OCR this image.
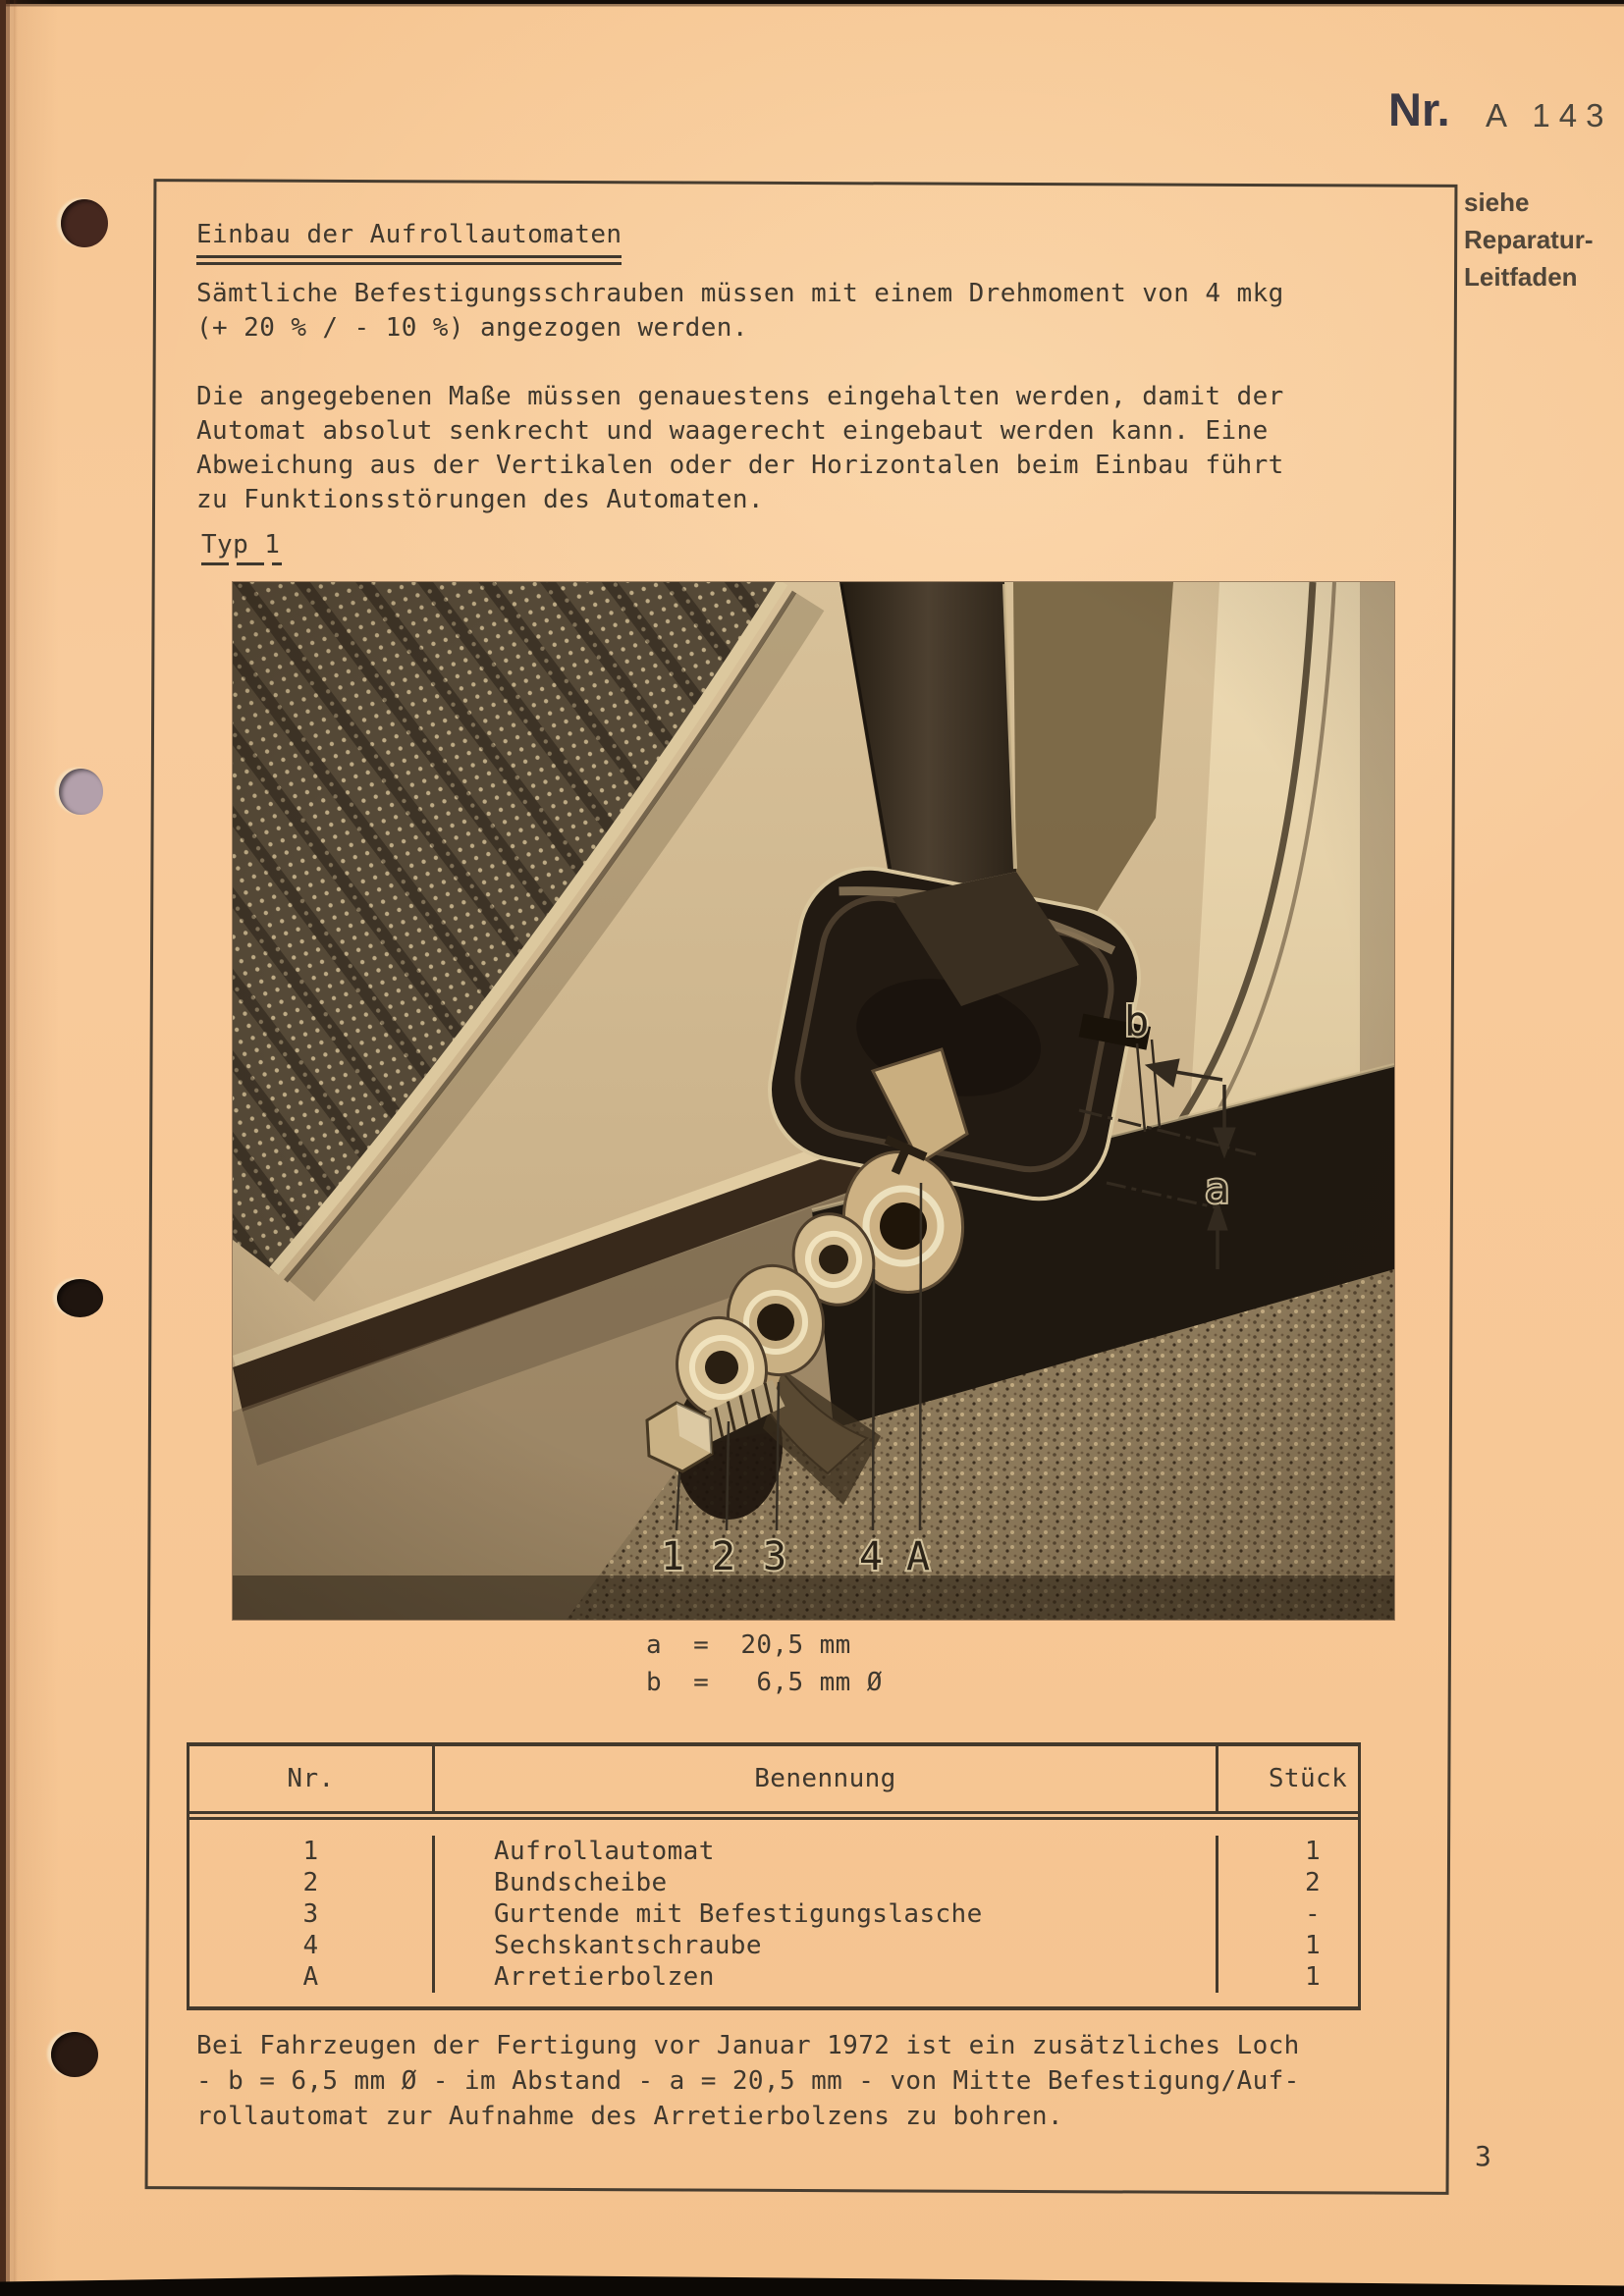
Nr. A 143
siehe
Reparatur-
Leitfaden
Einbau der Aufrollautomaten
Sämtliche Befestigungsschrauben müssen mit einem Drehmoment von 4 mkg
(+ 20 % / - 10 %) angezogen werden.
Die angegebenen Maße müssen genauestens eingehalten werden, damit der
Automat absolut senkrecht und waagerecht eingebaut werden kann. Eine
Abweichung aus der Vertikalen oder der Horizontalen beim Einbau führt
zu Funktionsstörungen des Automaten.
Typ 1
a  =  20,5 mm
b  =   6,5 mm Ø
Nr.	Benennung	Stück
1	Aufrollautomat	1
2	Bundscheibe	2
3	Gurtende mit Befestigungslasche	-
4	Sechskantschraube	1
A	Arretierbolzen	1
Bei Fahrzeugen der Fertigung vor Januar 1972 ist ein zusätzliches Loch
- b = 6,5 mm Ø - im Abstand - a = 20,5 mm - von Mitte Befestigung/Auf-
rollautomat zur Aufnahme des Arretierbolzens zu bohren.
3
